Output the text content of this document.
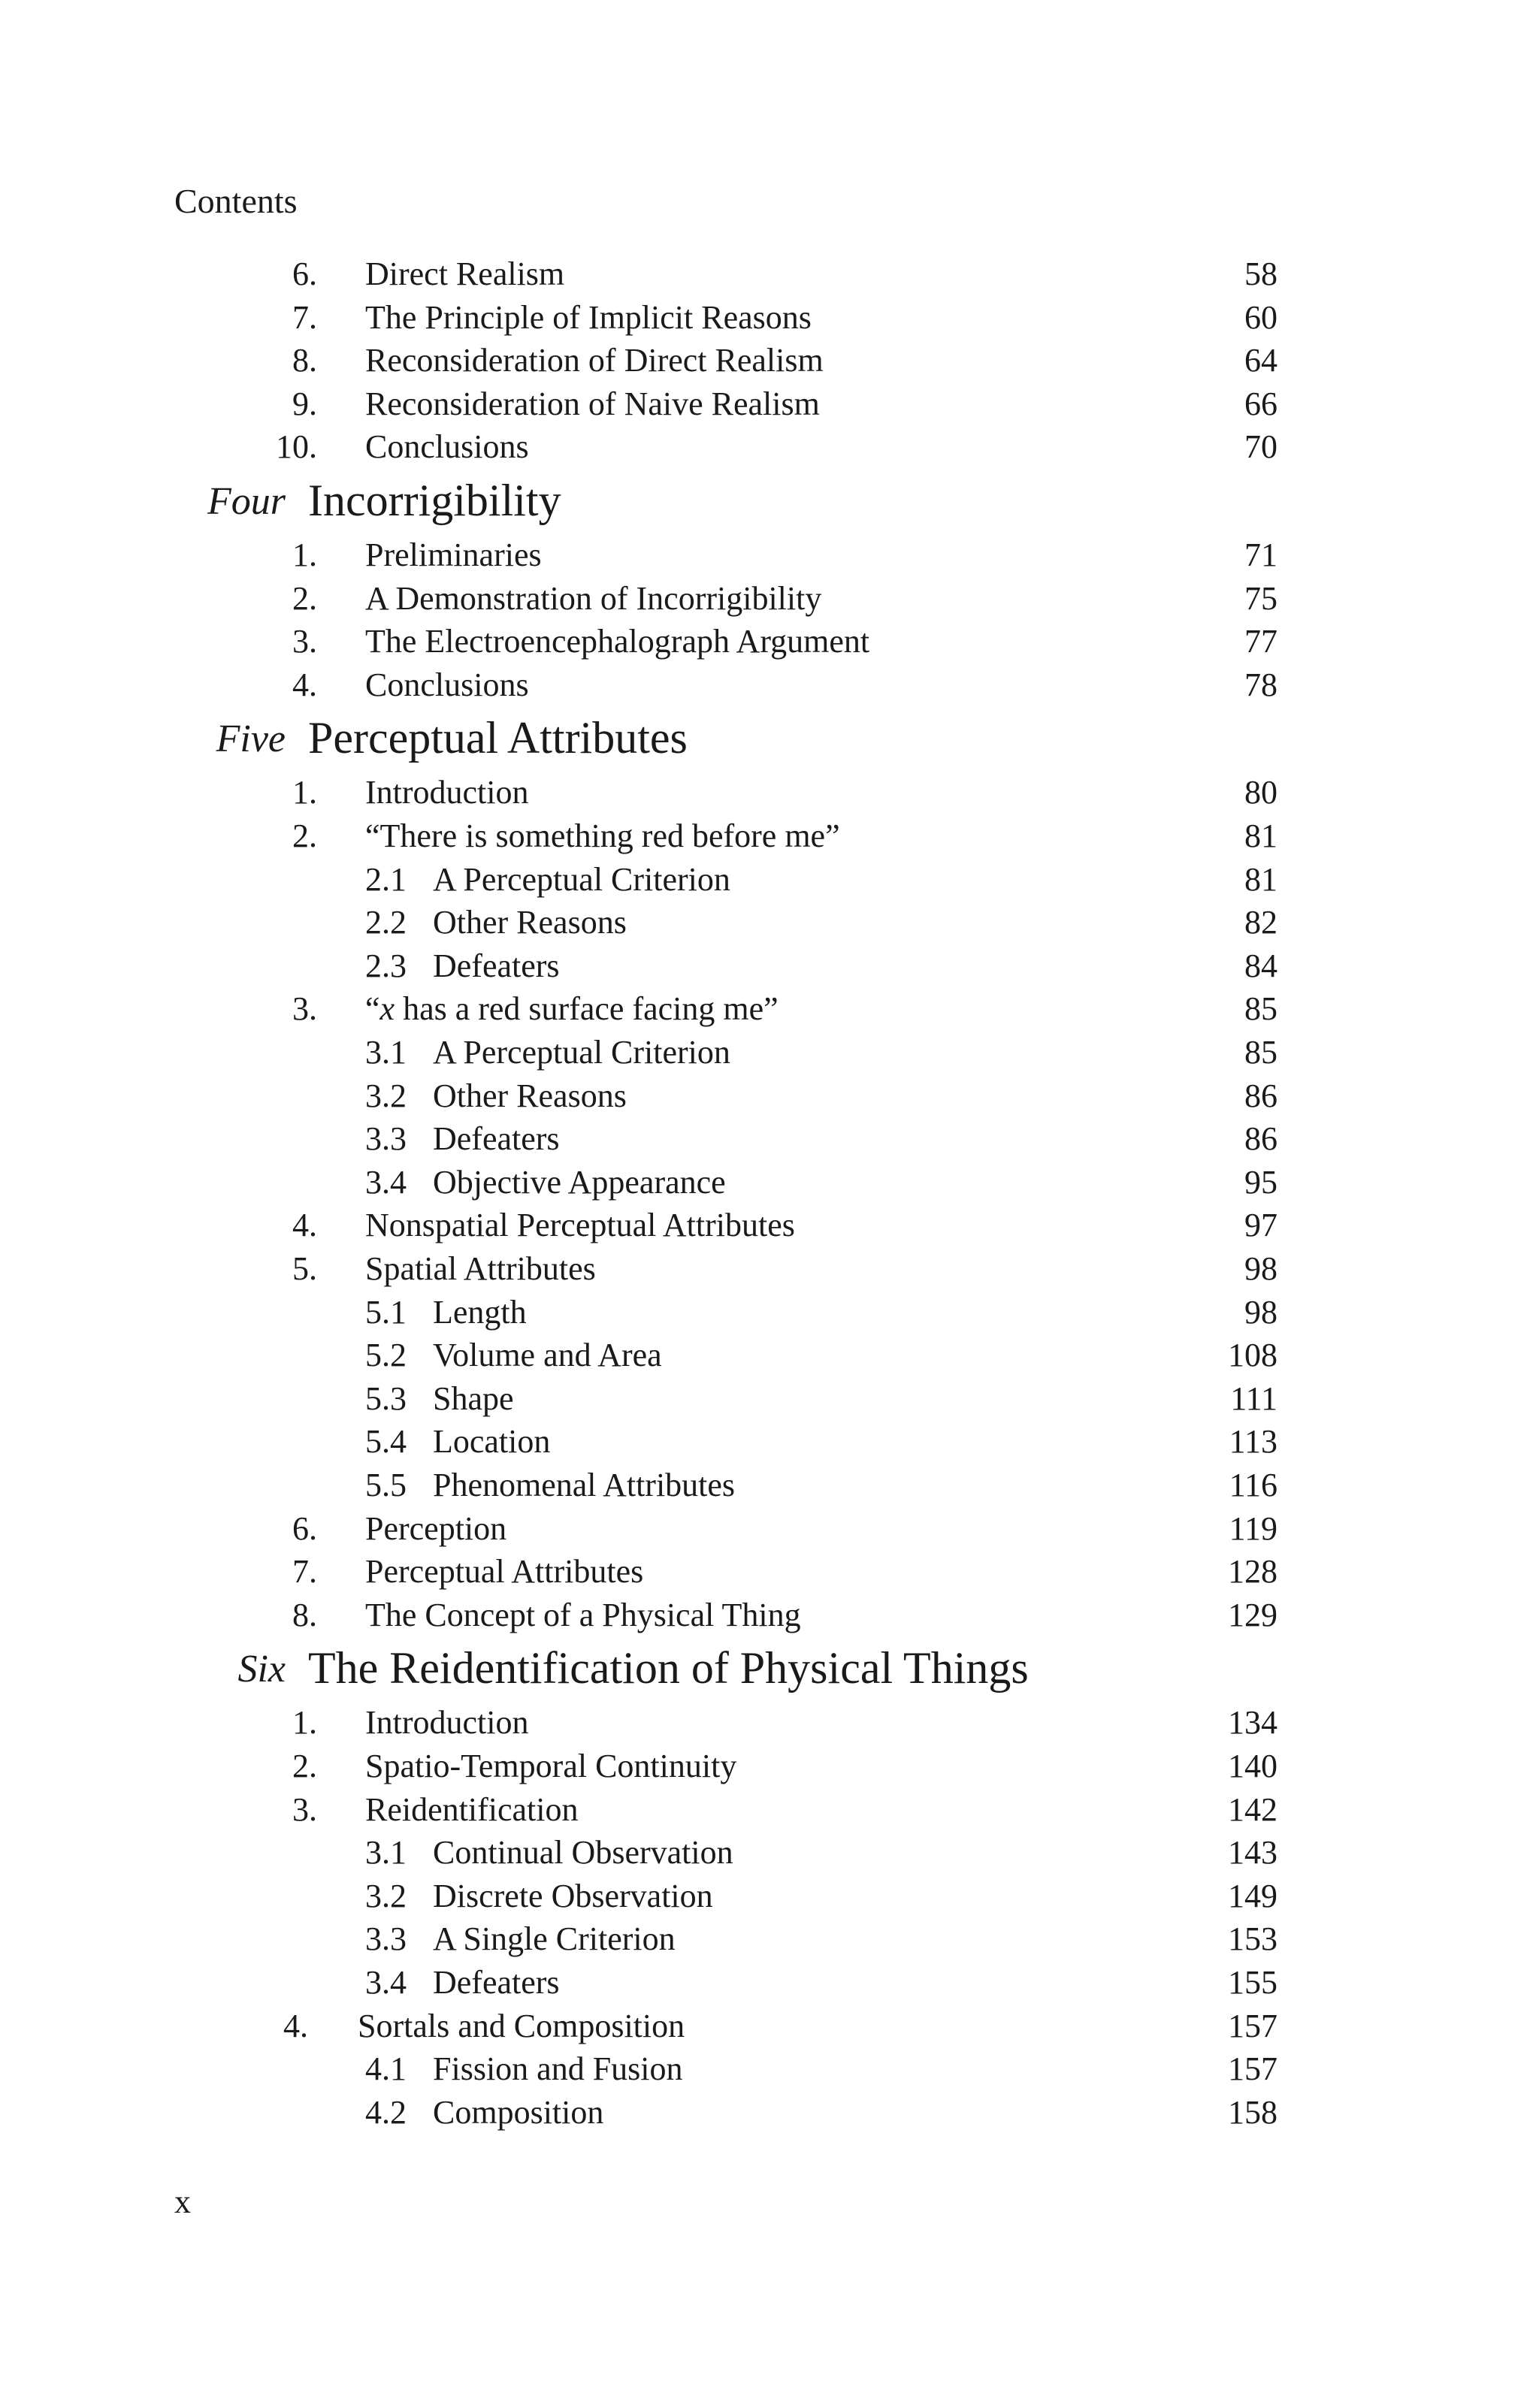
Contents
6. Direct Realism	58
7. The Principle of Implicit Reasons	60
8. Reconsideration of Direct Realism	64
9. Reconsideration of Naive Realism	66
10. Conclusions	70
Four Incorrigibility
1. Preliminaries	71
2. A Demonstration of Incorrigibility	75
3. The Electroencephalograph Argument	77
4. Conclusions	78
Five Perceptual Attributes
1. Introduction	80
2. “There is something red before me”	81
2.1 A Perceptual Criterion	81
2.2 Other Reasons	82
2.3 Defeaters	84
3. “x has a red surface facing me”	85
3.1 A Perceptual Criterion	85
3.2 Other Reasons	86
3.3 Defeaters	86
3.4 Objective Appearance	95
4. Nonspatial Perceptual Attributes	97
5. Spatial Attributes	98
5.1 Length	98
5.2 Volume and Area	108
5.3 Shape	111
5.4 Location	113
5.5 Phenomenal Attributes	116
6. Perception	119
7. Perceptual Attributes	128
8. The Concept of a Physical Thing	129
Six The Reidentification of Physical Things
1. Introduction	134
2. Spatio-Temporal Continuity	140
3. Reidentification	142
3.1 Continual Observation	143
3.2 Discrete Observation	149
3.3 A Single Criterion	153
3.4 Defeaters	155
4. Sortals and Composition	157
4.1 Fission and Fusion	157
4.2 Composition	158
x
